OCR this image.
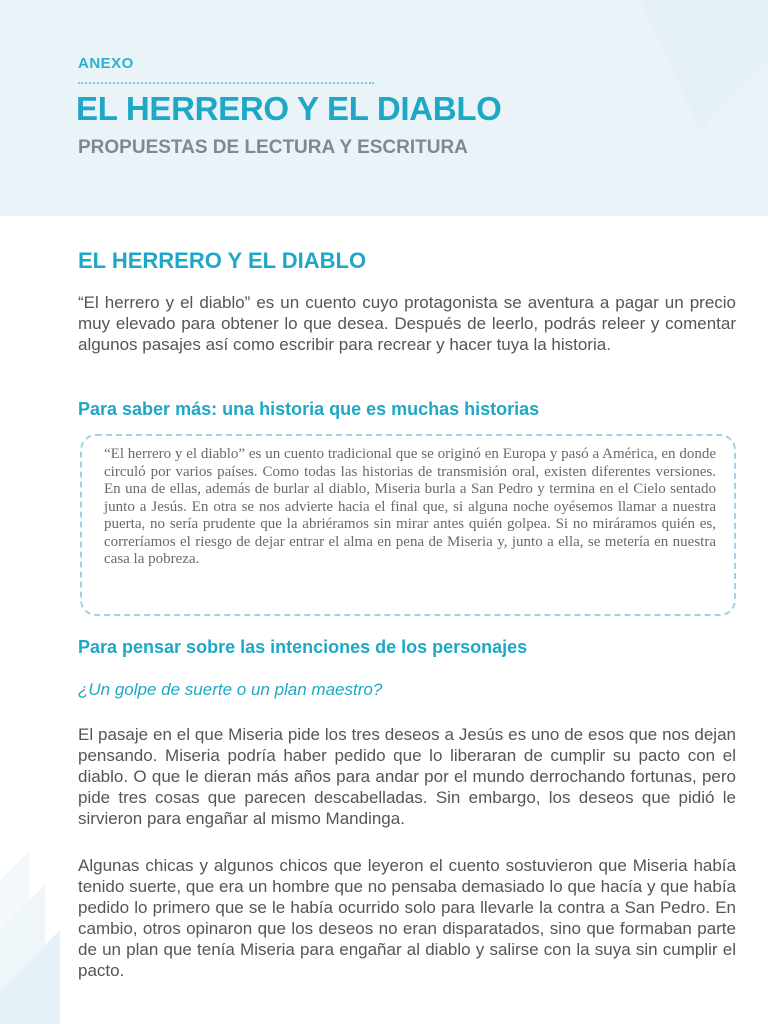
ANEXO
EL HERRERO Y EL DIABLO
PROPUESTAS DE LECTURA Y ESCRITURA
EL HERRERO Y EL DIABLO

“El herrero y el diablo” es un cuento cuyo protagonista se aventura a pagar un precio muy elevado para obtener lo que desea. Después de leerlo, podrás releer y comentar algunos pasajes así como escribir para recrear y hacer tuya la historia.

Para saber más: una historia que es muchas historias

“El herrero y el diablo” es un cuento tradicional que se originó en Europa y pasó a América, en donde circuló por varios países. Como todas las historias de transmisión oral, existen diferentes versiones. En una de ellas, además de burlar al diablo, Miseria burla a San Pedro y termina en el Cielo sentado junto a Jesús. En otra se nos advierte hacia el final que, si alguna noche oyésemos llamar a nuestra puerta, no sería prudente que la abriéramos sin mirar antes quién golpea. Si no miráramos quién es, correríamos el riesgo de dejar entrar el alma en pena de Miseria y, junto a ella, se metería en nuestra casa la pobreza.

Para pensar sobre las intenciones de los personajes
¿Un golpe de suerte o un plan maestro?

El pasaje en el que Miseria pide los tres deseos a Jesús es uno de esos que nos dejan pensando. Miseria podría haber pedido que lo liberaran de cumplir su pacto con el diablo. O que le dieran más años para andar por el mundo derrochando fortunas, pero pide tres cosas que parecen descabelladas. Sin embargo, los deseos que pidió le sirvieron para engañar al mismo Mandinga.

Algunas chicas y algunos chicos que leyeron el cuento sostuvieron que Miseria había tenido suerte, que era un hombre que no pensaba demasiado lo que hacía y que había pedido lo primero que se le había ocurrido solo para llevarle la contra a San Pedro. En cambio, otros opinaron que los deseos no eran disparatados, sino que formaban parte de un plan que tenía Miseria para engañar al diablo y salirse con la suya sin cumplir el pacto.
